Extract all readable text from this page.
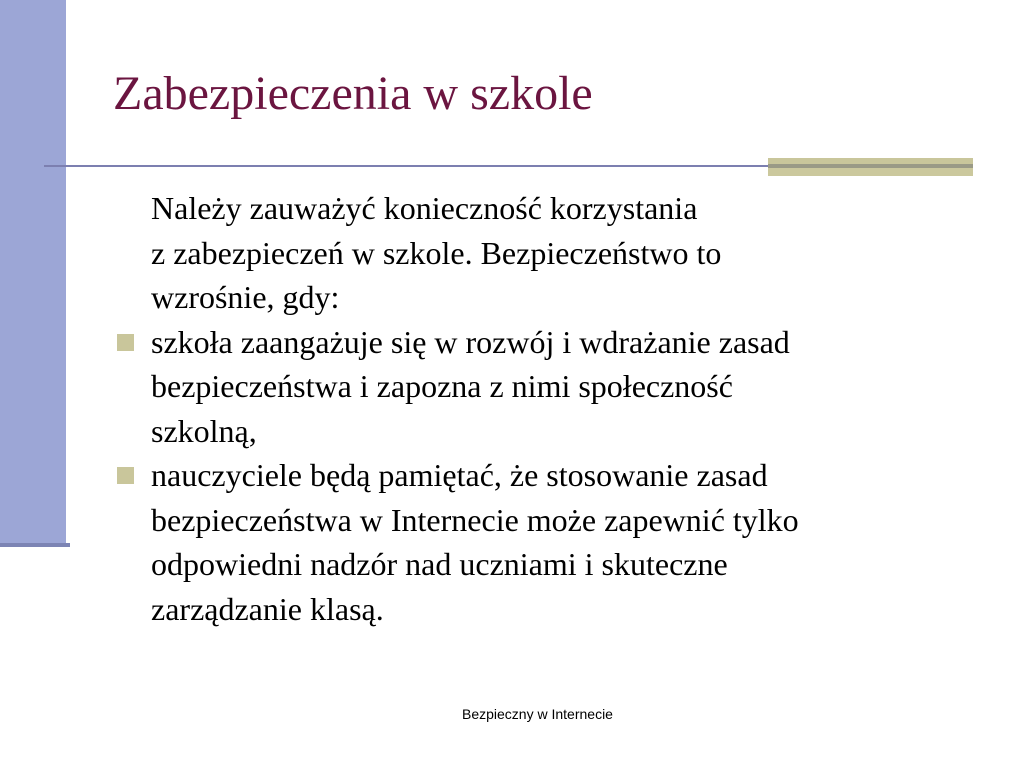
Zabezpieczenia w szkole

Należy zauważyć konieczność korzystania
z zabezpieczeń w szkole. Bezpieczeństwo to
wzrośnie, gdy:

szkoła zaangażuje się w rozwój i wdrażanie zasad
bezpieczeństwa i zapozna z nimi społeczność
szkolną,
nauczyciele będą pamiętać, że stosowanie zasad
bezpieczeństwa w Internecie może zapewnić tylko
odpowiedni nadzór nad uczniami i skuteczne
zarządzanie klasą.
Bezpieczny w Internecie
